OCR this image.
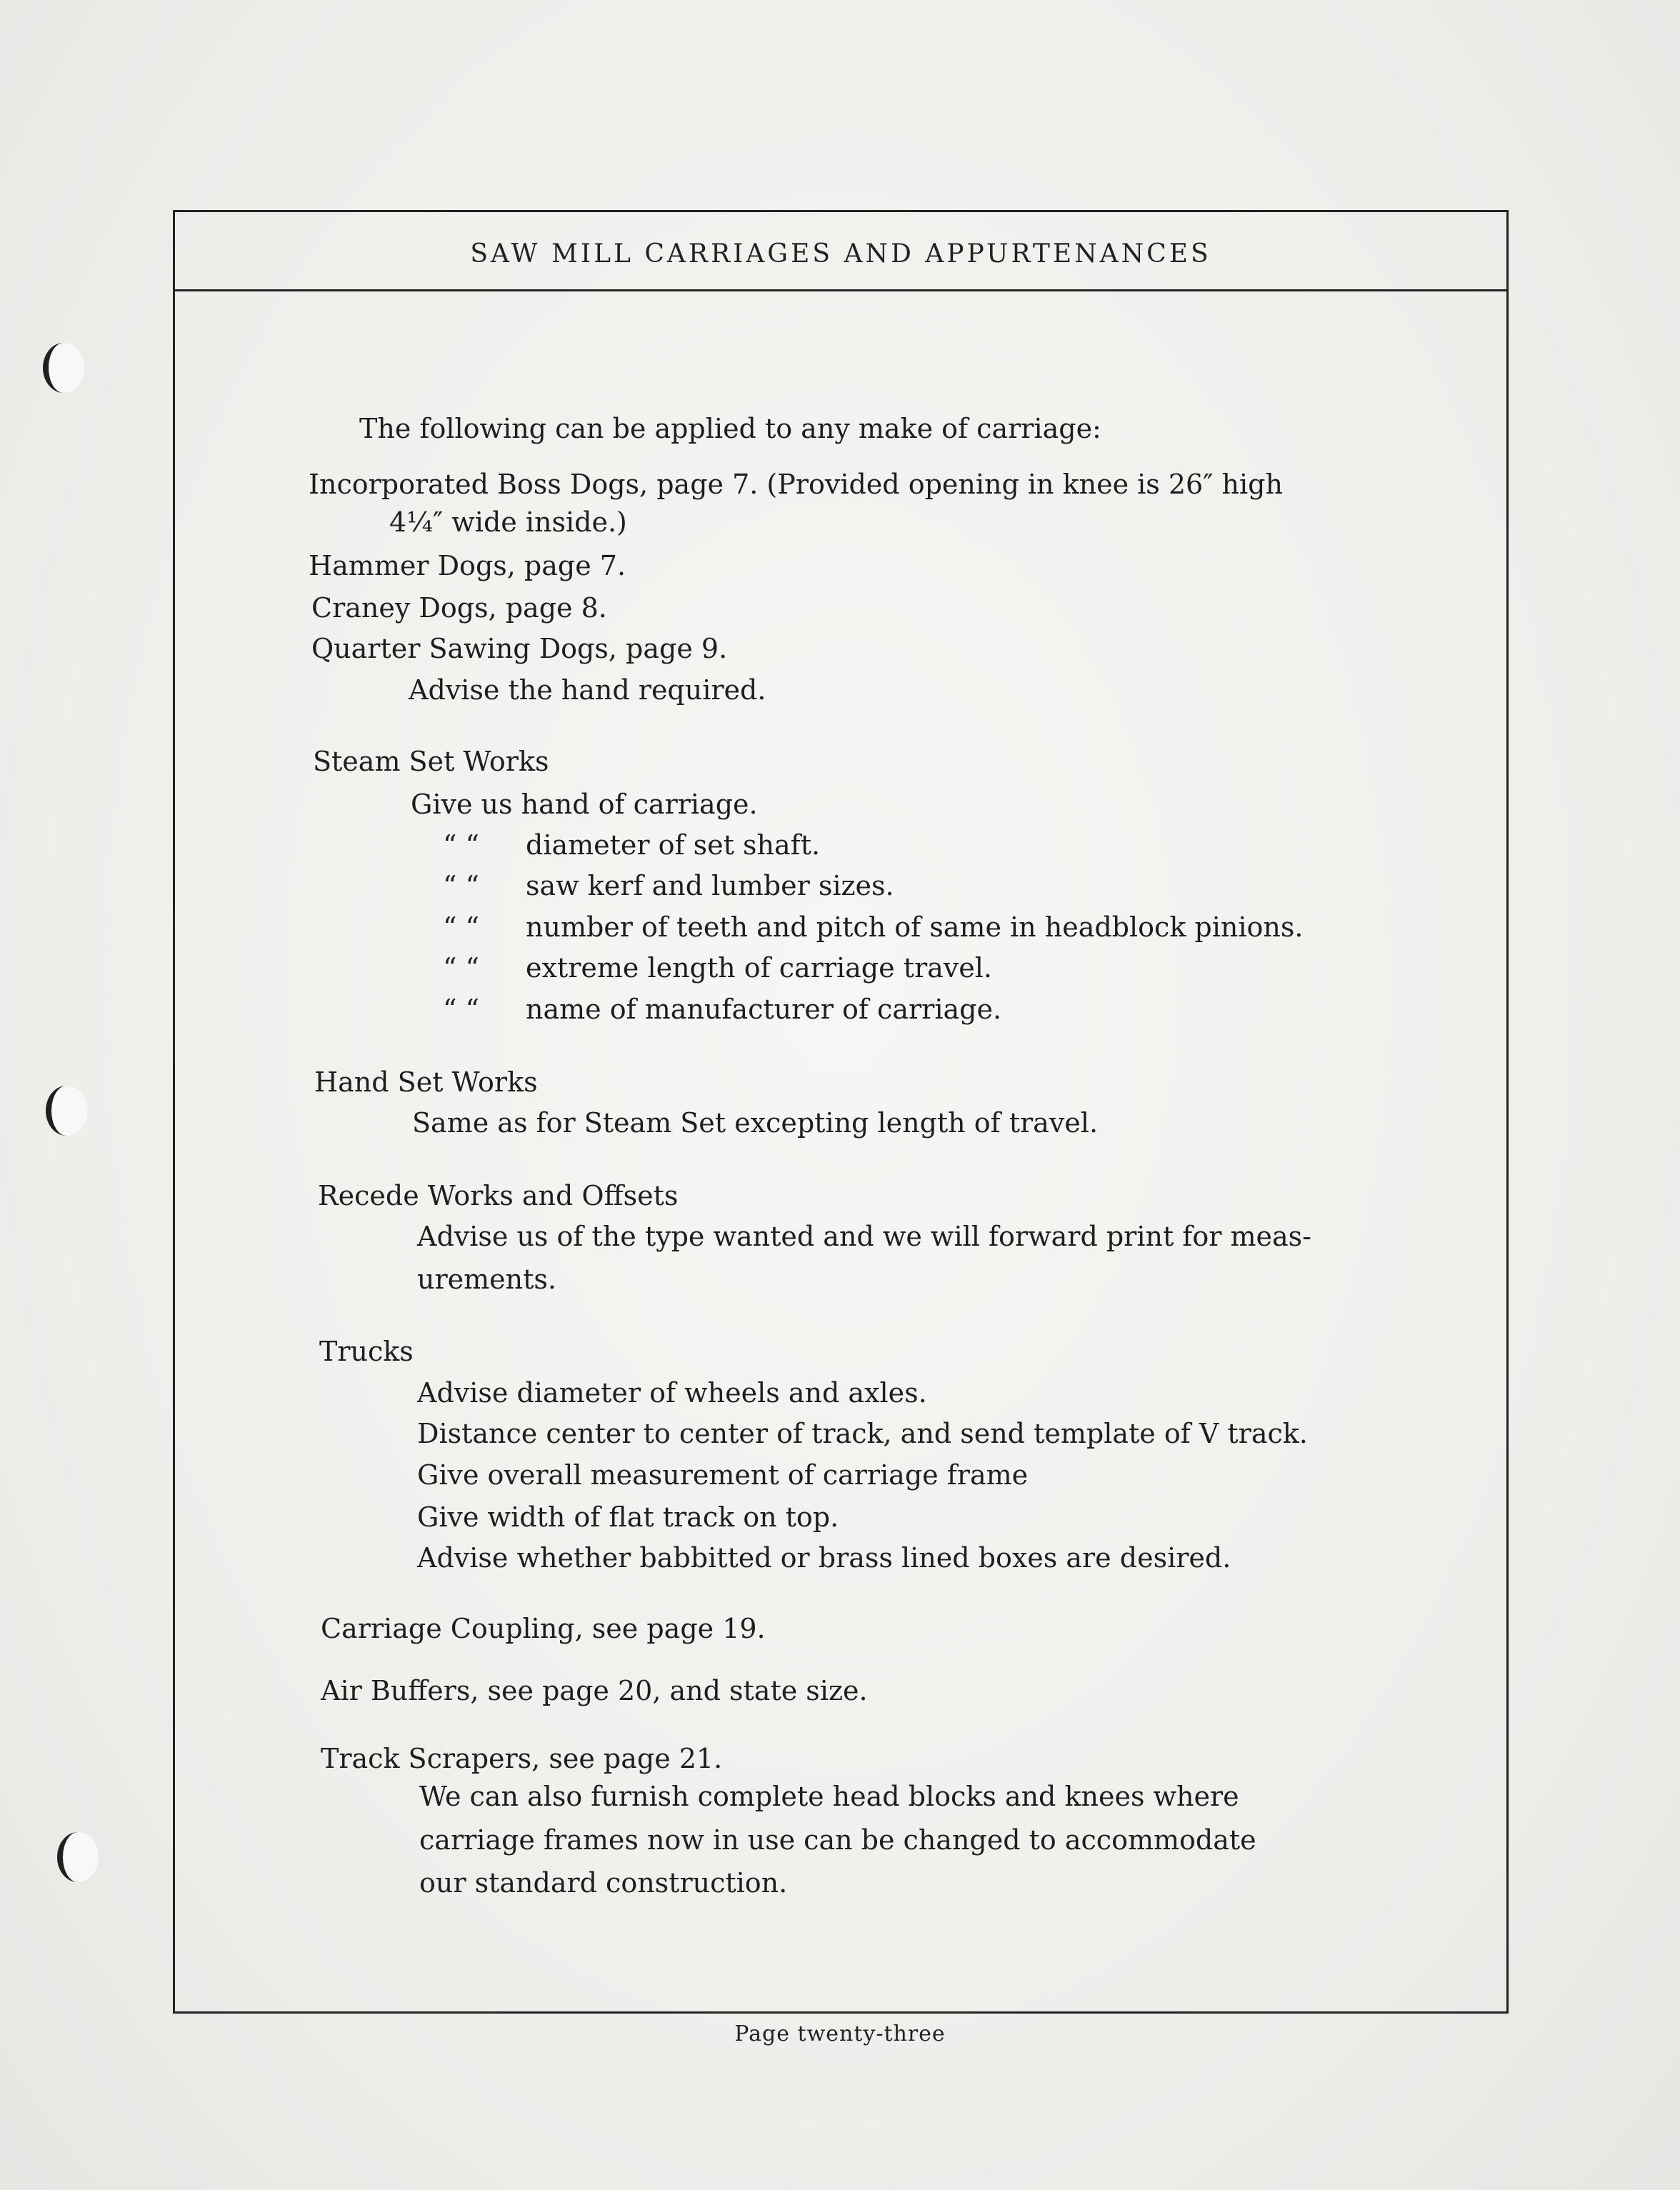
SAW MILL CARRIAGES AND APPURTENANCES
The following can be applied to any make of carriage:
Incorporated Boss Dogs, page 7. (Provided opening in knee is 26″ high
4¼″ wide inside.)
Hammer Dogs, page 7.
Craney Dogs, page 8.
Quarter Sawing Dogs, page 9.
Advise the hand required.
Steam Set Works
Give us hand of carriage.
“ “ diameter of set shaft.
“ “ saw kerf and lumber sizes.
“ “ number of teeth and pitch of same in headblock pinions.
“ “ extreme length of carriage travel.
“ “ name of manufacturer of carriage.
Hand Set Works
Same as for Steam Set excepting length of travel.
Recede Works and Offsets
Advise us of the type wanted and we will forward print for meas-
urements.
Trucks
Advise diameter of wheels and axles.
Distance center to center of track, and send template of V track.
Give overall measurement of carriage frame
Give width of flat track on top.
Advise whether babbitted or brass lined boxes are desired.
Carriage Coupling, see page 19.
Air Buffers, see page 20, and state size.
Track Scrapers, see page 21.
We can also furnish complete head blocks and knees where
carriage frames now in use can be changed to accommodate
our standard construction.
Page twenty-three
